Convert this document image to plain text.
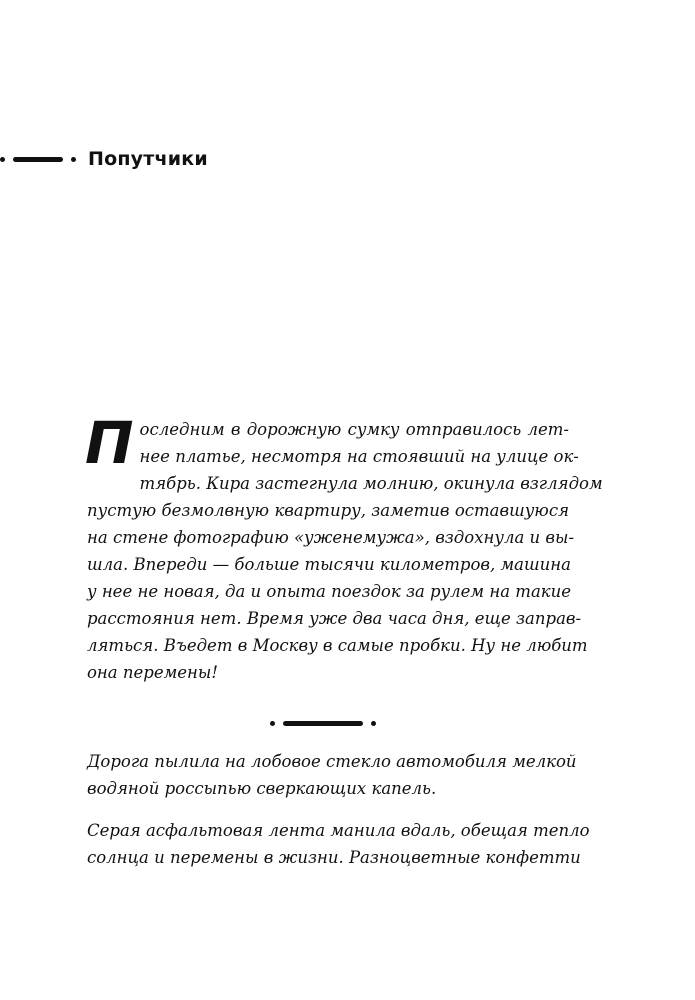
Попутчики
П оследним в дорожную сумку отправилось лет-
нее платье, несмотря на стоявший на улице ок-
тябрь. Кира застегнула молнию, окинула взглядом
пустую безмолвную квартиру, заметив оставшуюся
на стене фотографию «уженемужа», вздохнула и вы-
шла. Впереди — больше тысячи километров, машина
у нее не новая, да и опыта поездок за рулем на такие
расстояния нет. Время уже два часа дня, еще заправ-
ляться. Въедет в Москву в самые пробки. Ну не любит
она перемены!
Дорога пылила на лобовое стекло автомобиля мелкой
водяной россыпью сверкающих капель.
Серая асфальтовая лента манила вдаль, обещая тепло
солнца и перемены в жизни. Разноцветные конфетти
